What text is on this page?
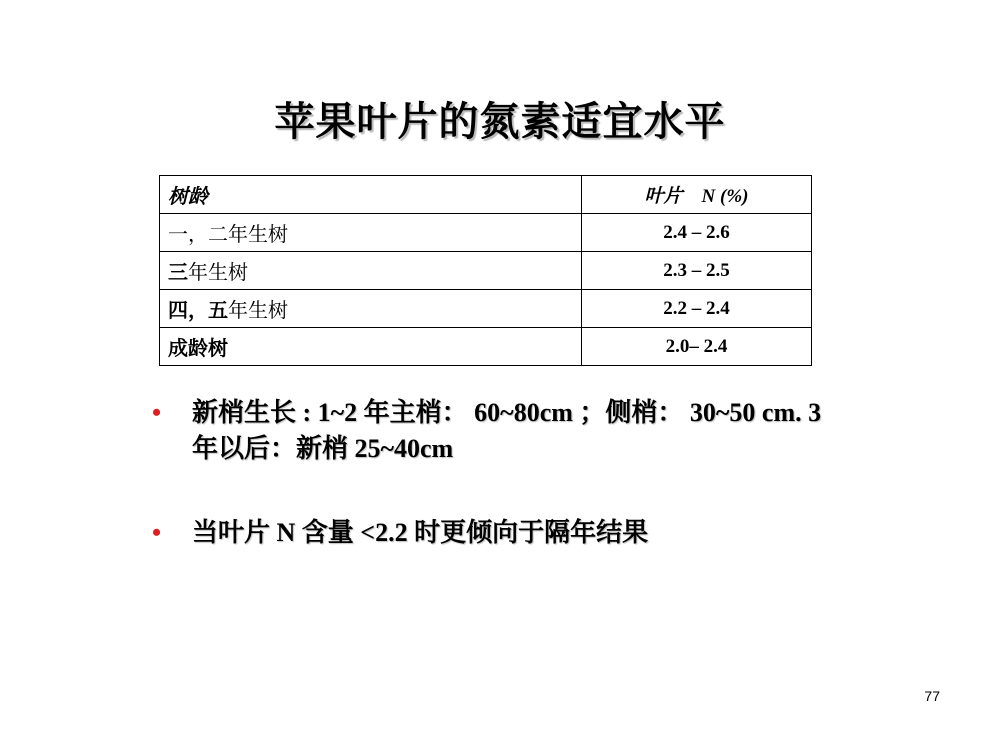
苹果叶片的氮素适宜水平
树龄	叶片　N (%)
一，二年生树	2.4 – 2.6
三年生树	2.3 – 2.5
四，五年生树	2.2 – 2.4
成龄树	2.0– 2.4
• 新梢生长 : 1~2 年主梢： 60~80cm ；侧梢： 30~50 cm. 3 年以后：新梢 25~40cm
• 当叶片 N 含量 <2.2 时更倾向于隔年结果
77
